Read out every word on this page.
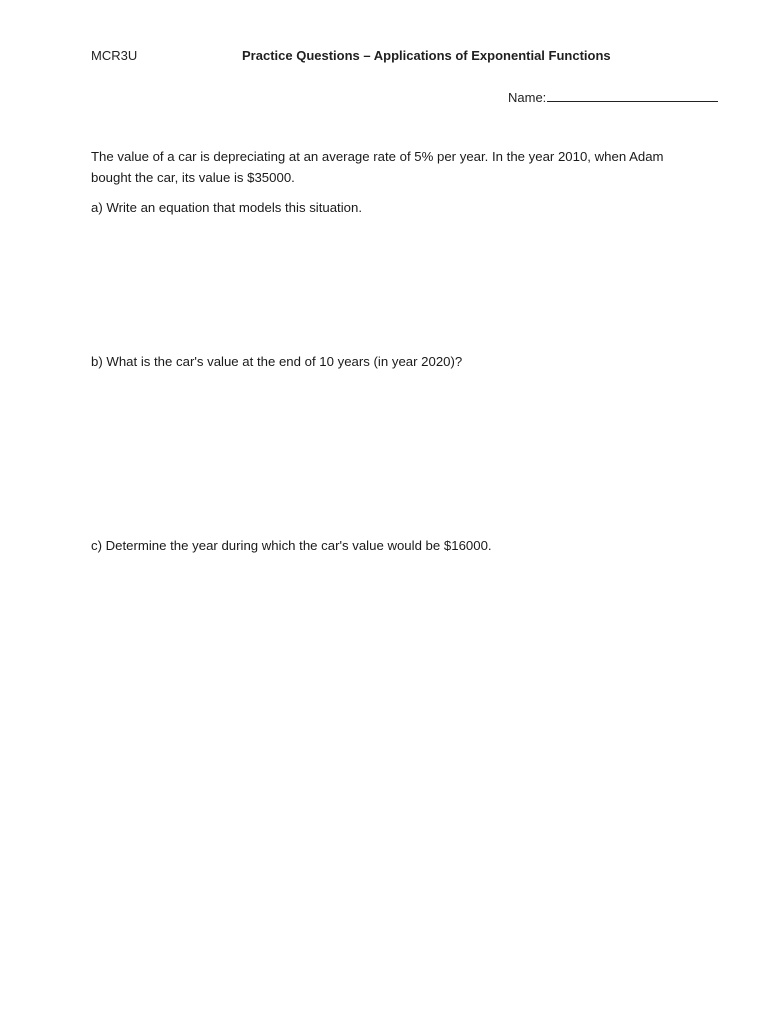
MCR3U	Practice Questions – Applications of Exponential Functions
Name:
The value of a car is depreciating at an average rate of 5% per year. In the year 2010, when Adam
bought the car, its value is $35000.
a) Write an equation that models this situation.
b) What is the car's value at the end of 10 years (in year 2020)?
c) Determine the year during which the car's value would be $16000.
